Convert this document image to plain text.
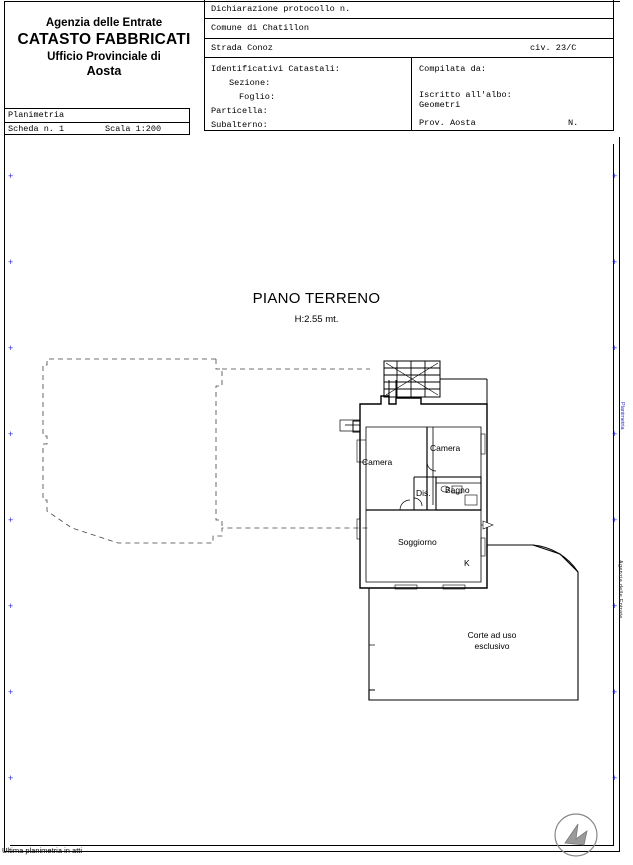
Agenzia delle Entrate
CATASTO FABBRICATI
Ufficio Provinciale di
Aosta
Planimetria
Scheda n. 1	Scala 1:200
Dichiarazione protocollo n.
Comune di Chatillon
Strada Conoz	civ. 23/C
Identificativi Catastali:
Sezione:
Foglio:
Particella:
Subalterno:
Compilata da:
Iscritto all'albo:
Geometri
Prov. Aosta	N.
+
+
+
+
+
+
+
+
+
+
+
+
+
+
+
+
PIANO TERRENO
H:2.55 mt.
Camera
Camera
Dis. Bagno
Soggiorno
K
Corte ad uso
esclusivo
Agenzia delle Entrate
Planimetria
Ultima planimetria in atti
